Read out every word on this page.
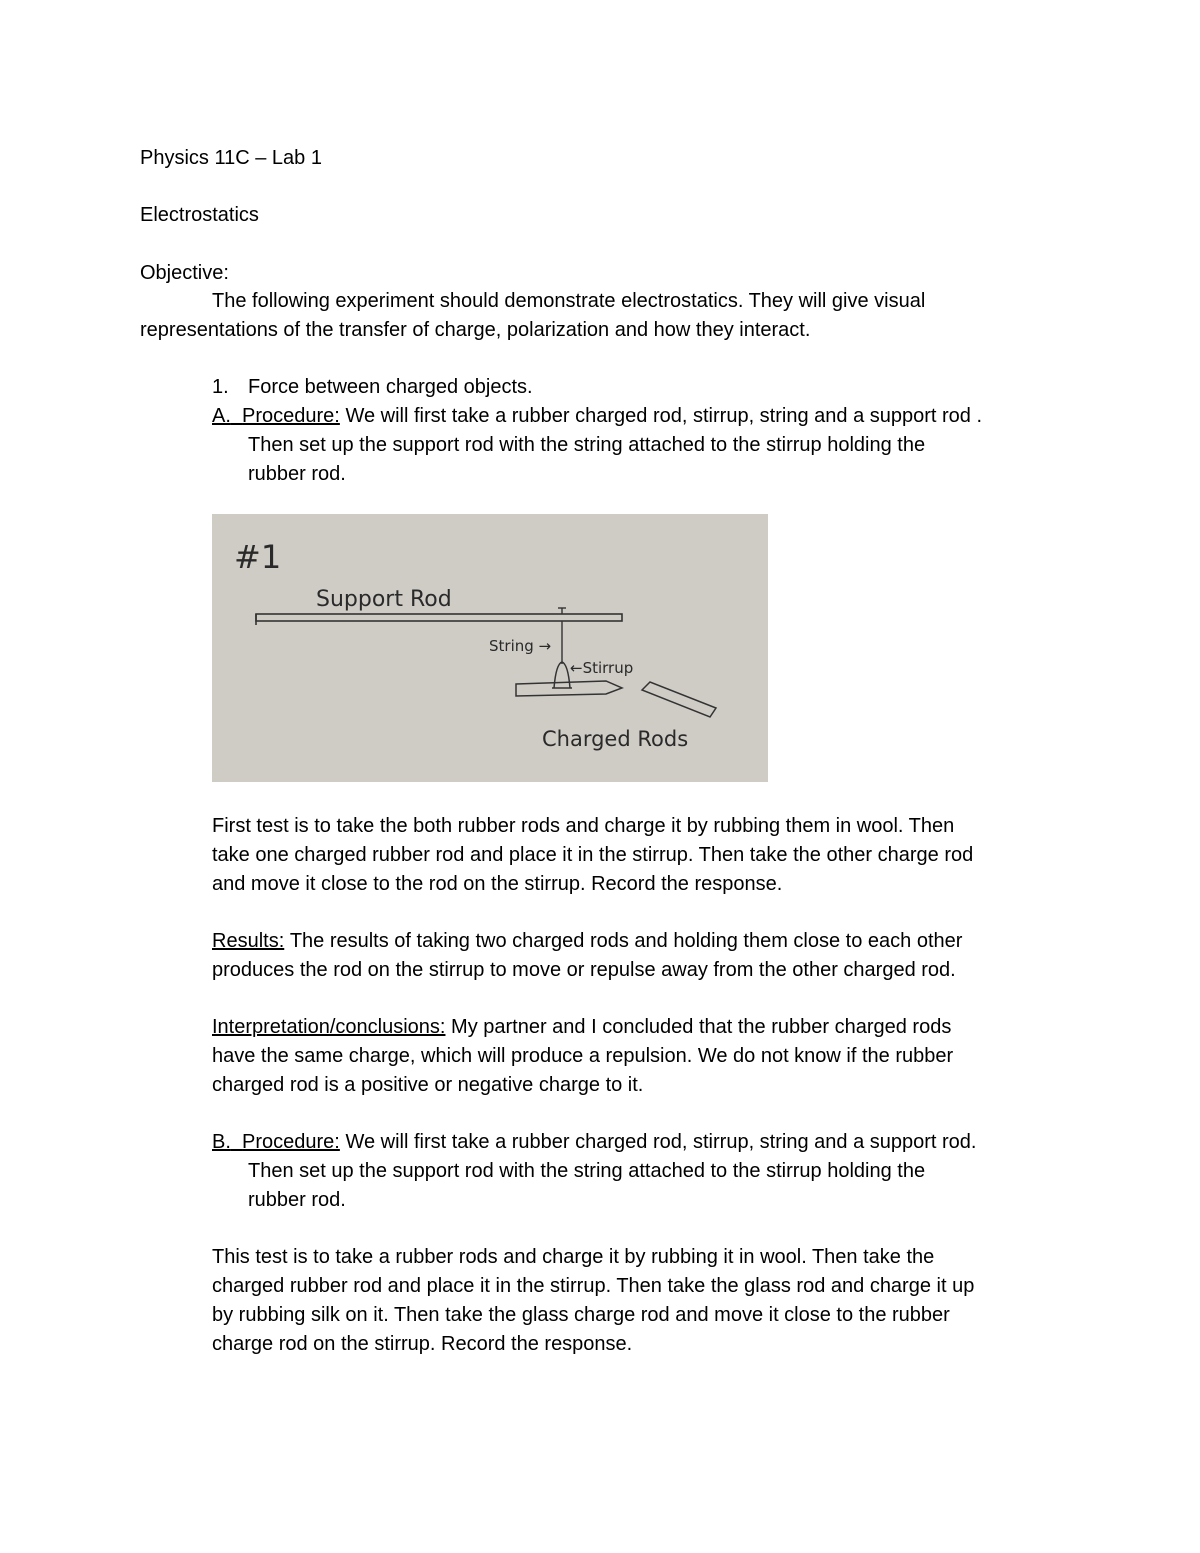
Physics 11C – Lab 1
Electrostatics
Objective:
The following experiment should demonstrate electrostatics. They will give visual
representations of the transfer of charge, polarization and how they interact.
1. Force between charged objects.
A. Procedure: We will first take a rubber charged rod, stirrup, string and a support rod .
Then set up the support rod with the string attached to the stirrup holding the
rubber rod.
#1
Support Rod
String →
←Stirrup
Charged Rods
First test is to take the both rubber rods and charge it by rubbing them in wool. Then
take one charged rubber rod and place it in the stirrup. Then take the other charge rod
and move it close to the rod on the stirrup. Record the response.
Results: The results of taking two charged rods and holding them close to each other
produces the rod on the stirrup to move or repulse away from the other charged rod.
Interpretation/conclusions: My partner and I concluded that the rubber charged rods
have the same charge, which will produce a repulsion. We do not know if the rubber
charged rod is a positive or negative charge to it.
B. Procedure: We will first take a rubber charged rod, stirrup, string and a support rod.
Then set up the support rod with the string attached to the stirrup holding the
rubber rod.
This test is to take a rubber rods and charge it by rubbing it in wool. Then take the
charged rubber rod and place it in the stirrup. Then take the glass rod and charge it up
by rubbing silk on it. Then take the glass charge rod and move it close to the rubber
charge rod on the stirrup. Record the response.
